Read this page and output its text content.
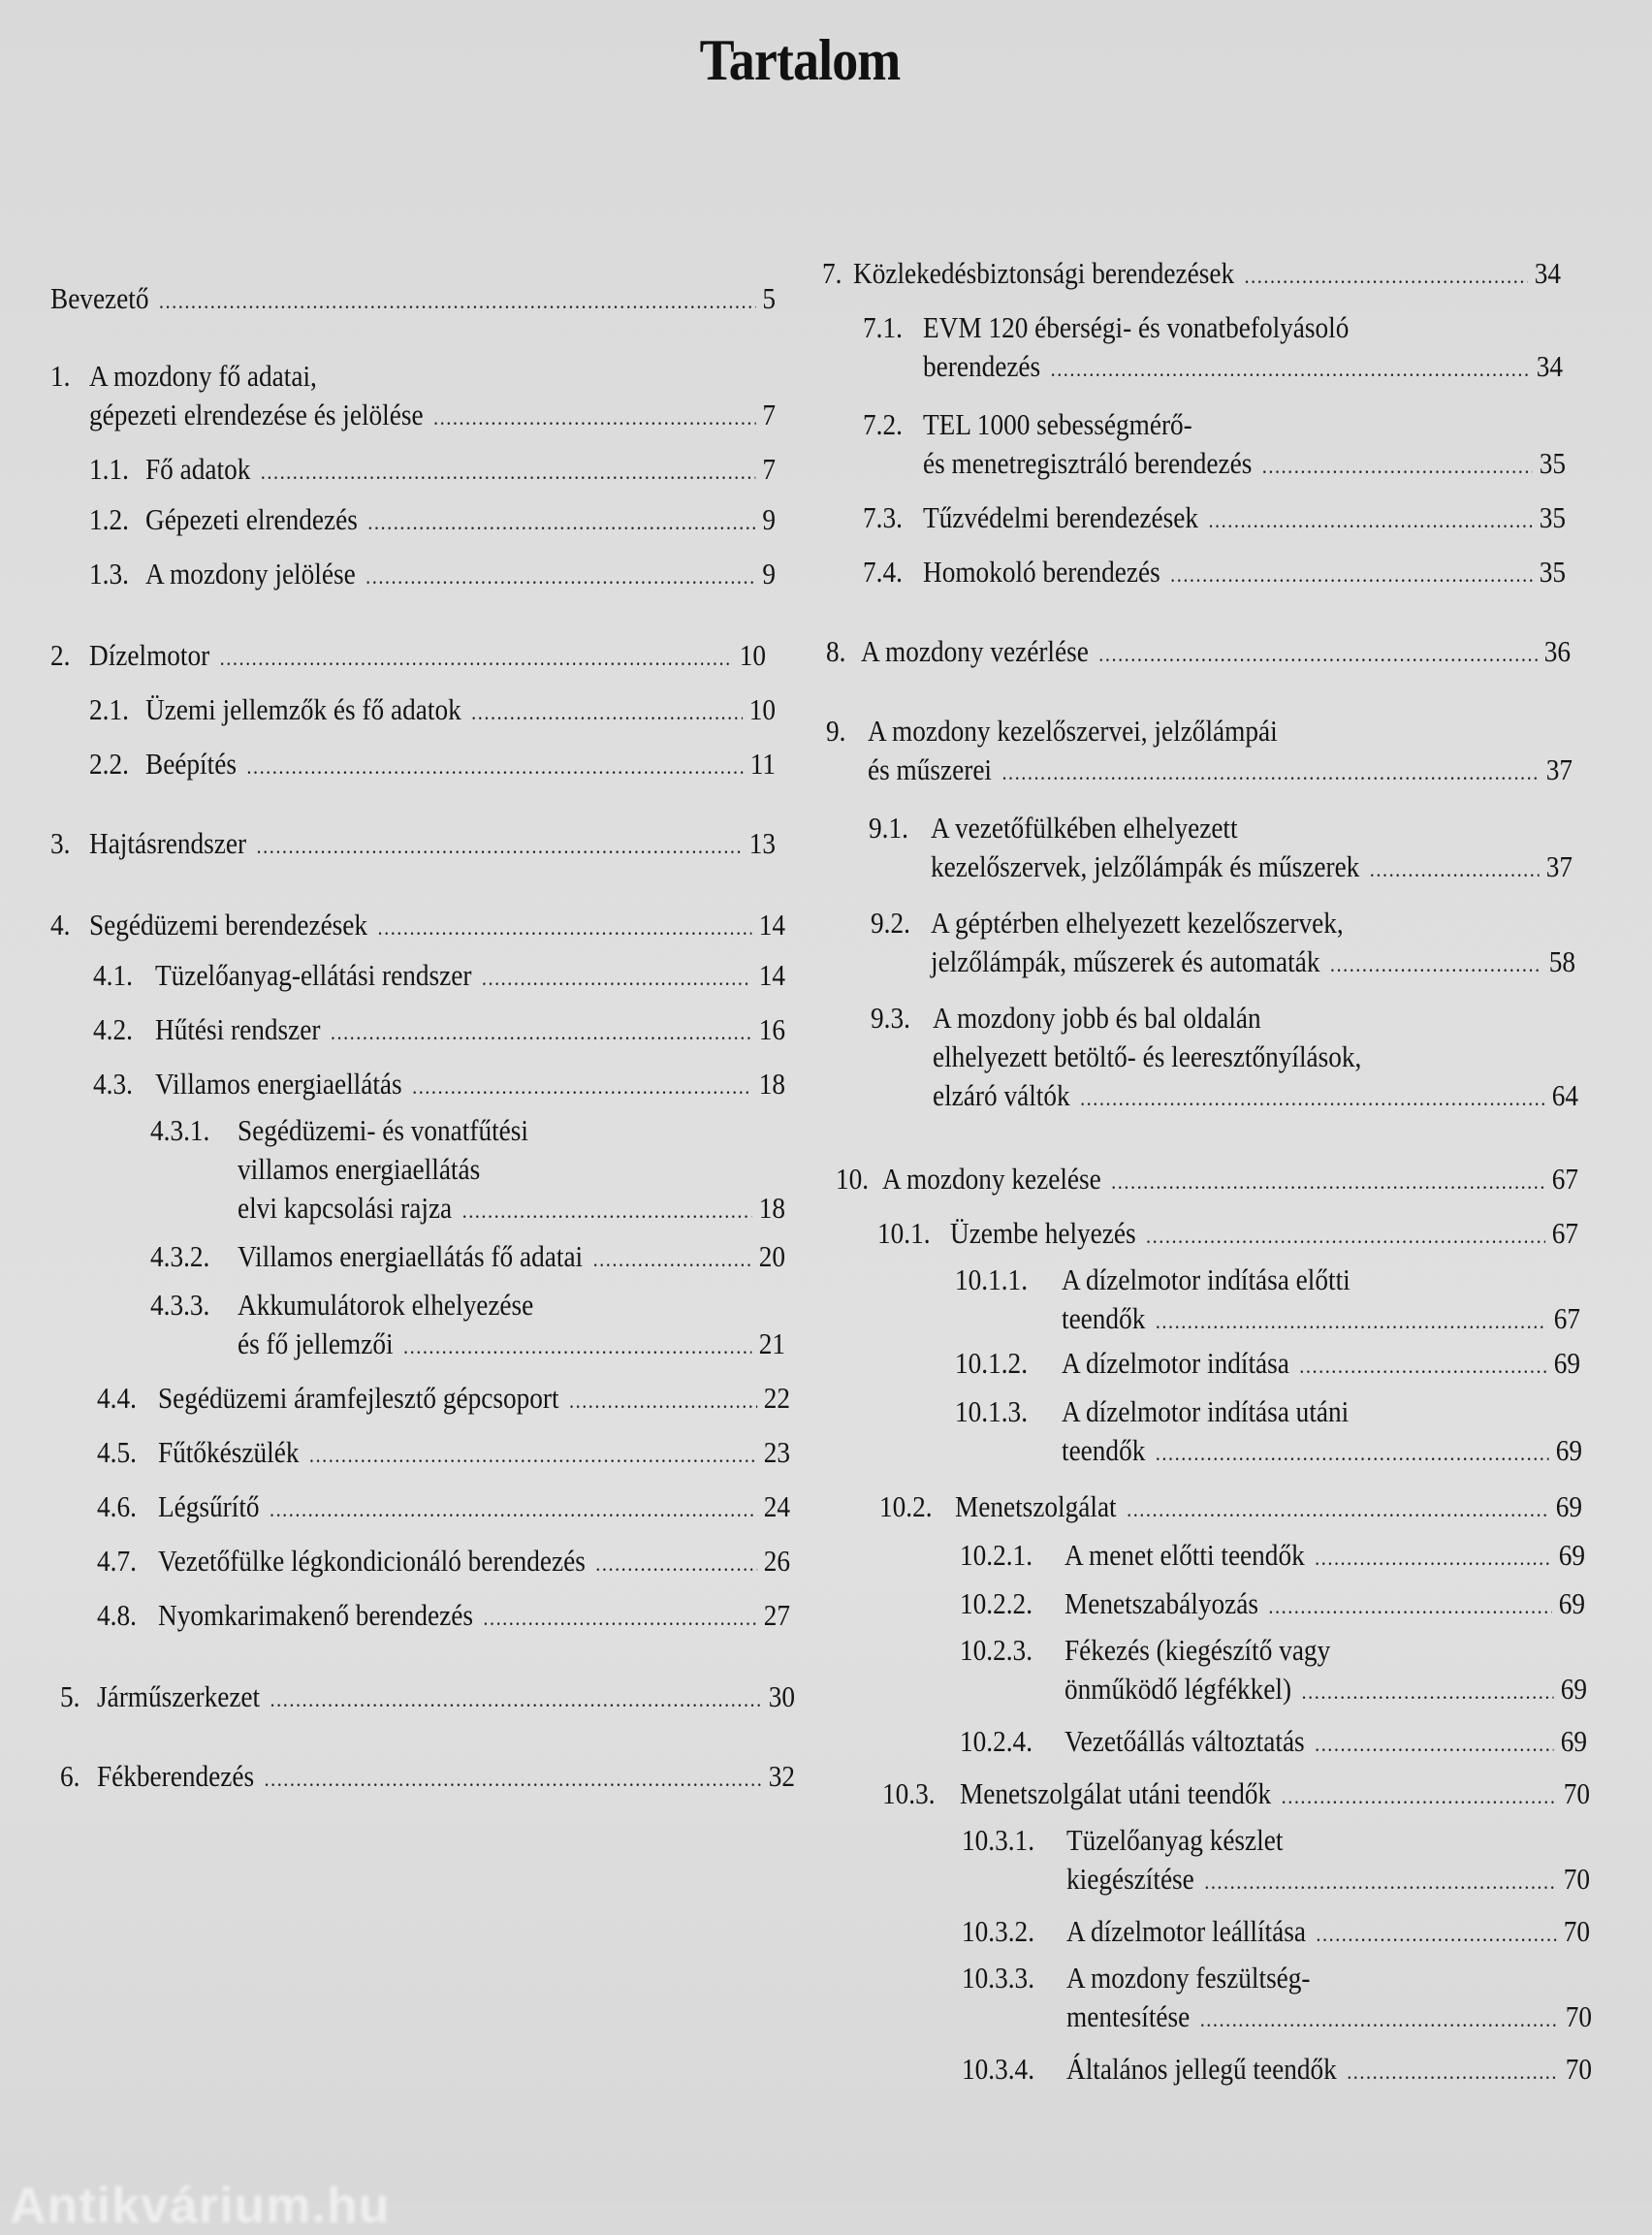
Tartalom
Bevezető .....	5
1. A mozdony fő adatai,
gépezeti elrendezése és jelölése .....	7
1.1. Fő adatok .....	7
1.2. Gépezeti elrendezés .....	9
1.3. A mozdony jelölése .....	9
2. Dízelmotor .....	10
2.1. Üzemi jellemzők és fő adatok .....	10
2.2. Beépítés .....	11
3. Hajtásrendszer .....	13
4. Segédüzemi berendezések .....	14
4.1. Tüzelőanyag-ellátási rendszer .....	14
4.2. Hűtési rendszer .....	16
4.3. Villamos energiaellátás .....	18
4.3.1. Segédüzemi- és vonatfűtési
villamos energiaellátás
elvi kapcsolási rajza .....	18
4.3.2. Villamos energiaellátás fő adatai .....	20
4.3.3. Akkumulátorok elhelyezése
és fő jellemzői .....	21
4.4. Segédüzemi áramfejlesztő gépcsoport .....	22
4.5. Fűtőkészülék .....	23
4.6. Légsűrítő .....	24
4.7. Vezetőfülke légkondicionáló berendezés .....	26
4.8. Nyomkarimakenő berendezés .....	27
5. Járműszerkezet .....	30
6. Fékberendezés .....	32
7. Közlekedésbiztonsági berendezések .....	34
7.1. EVM 120 éberségi- és vonatbefolyásoló
berendezés .....	34
7.2. TEL 1000 sebességmérő-
és menetregisztráló berendezés .....	35
7.3. Tűzvédelmi berendezések .....	35
7.4. Homokoló berendezés .....	35
8. A mozdony vezérlése .....	36
9. A mozdony kezelőszervei, jelzőlámpái
és műszerei .....	37
9.1. A vezetőfülkében elhelyezett
kezelőszervek, jelzőlámpák és műszerek .....	37
9.2. A géptérben elhelyezett kezelőszervek,
jelzőlámpák, műszerek és automaták .....	58
9.3. A mozdony jobb és bal oldalán
elhelyezett betöltő- és leeresztőnyílások,
elzáró váltók .....	64
10. A mozdony kezelése .....	67
10.1. Üzembe helyezés .....	67
10.1.1.	A dízelmotor indítása előtti
teendők .....	67
10.1.2.	A dízelmotor indítása .....	69
10.1.3.	A dízelmotor indítása utáni
teendők .....	69
10.2. Menetszolgálat .....	69
10.2.1.	A menet előtti teendők .....	69
10.2.2.	Menetszabályozás .....	69
10.2.3.	Fékezés (kiegészítő vagy
önműködő légfékkel) .....	69
10.2.4.	Vezetőállás változtatás .....	69
10.3. Menetszolgálat utáni teendők .....	70
10.3.1.	Tüzelőanyag készlet
kiegészítése .....	70
10.3.2.	A dízelmotor leállítása .....	70
10.3.3.	A mozdony feszültség-
mentesítése .....	70
10.3.4.	Általános jellegű teendők .....	70
Antikvárium.hu
